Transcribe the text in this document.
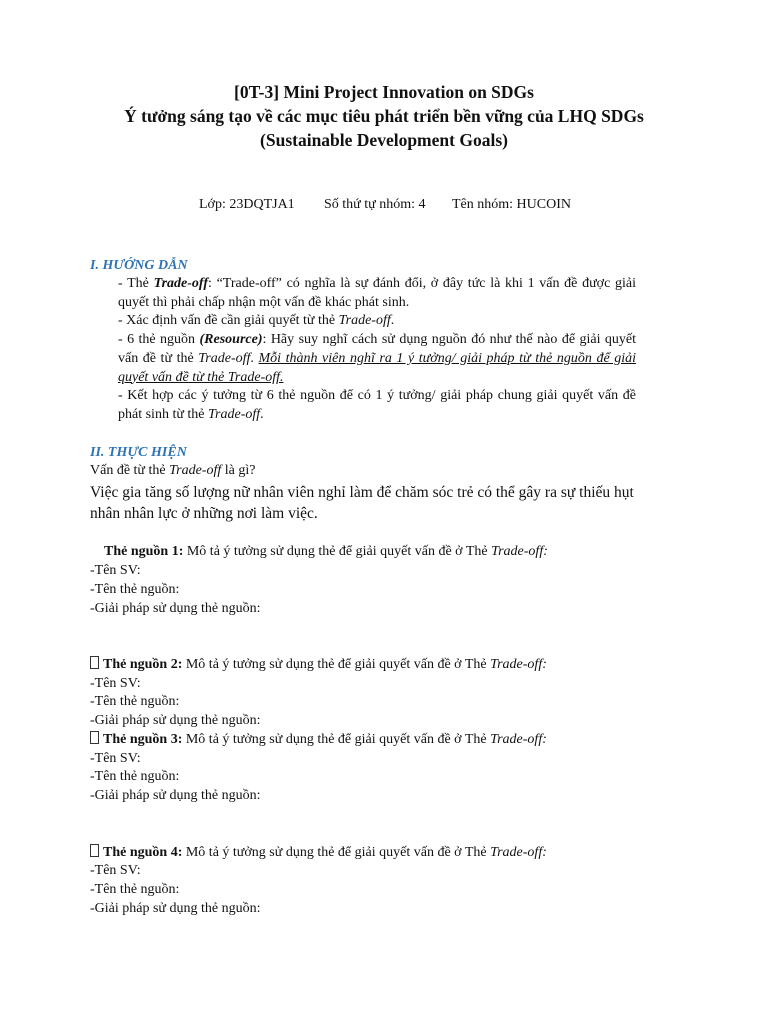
[0T-3] Mini Project Innovation on SDGs
Ý tưởng sáng tạo về các mục tiêu phát triển bền vững của LHQ SDGs
(Sustainable Development Goals)
Lớp: 23DQTJA1 Số thứ tự nhóm: 4 Tên nhóm: HUCOIN
I. HƯỚNG DẪN
- Thẻ Trade-off: “Trade-off” có nghĩa là sự đánh đổi, ở đây tức là khi 1 vấn đề được giải quyết thì phải chấp nhận một vấn đề khác phát sinh.
- Xác định vấn đề cần giải quyết từ thẻ Trade-off.
- 6 thẻ nguồn (Resource): Hãy suy nghĩ cách sử dụng nguồn đó như thế nào để giải quyết vấn đề từ thẻ Trade-off. Mỗi thành viên nghĩ ra 1 ý tưởng/ giải pháp từ thẻ nguồn để giải quyết vấn đề từ thẻ Trade-off.
- Kết hợp các ý tưởng từ 6 thẻ nguồn để có 1 ý tưởng/ giải pháp chung giải quyết vấn đề phát sinh từ thẻ Trade-off.
II. THỰC HIỆN
Vấn đề từ thẻ Trade-off là gì?
Việc gia tăng số lượng nữ nhân viên nghỉ làm để chăm sóc trẻ có thể gây ra sự thiếu hụt nhân nhân lực ở những nơi làm việc.
Thẻ nguồn 1: Mô tả ý tưởng sử dụng thẻ để giải quyết vấn đề ở Thẻ Trade-off:
-Tên SV:
-Tên thẻ nguồn:
-Giải pháp sử dụng thẻ nguồn:
Thẻ nguồn 2: Mô tả ý tưởng sử dụng thẻ để giải quyết vấn đề ở Thẻ Trade-off:
-Tên SV:
-Tên thẻ nguồn:
-Giải pháp sử dụng thẻ nguồn:
Thẻ nguồn 3: Mô tả ý tưởng sử dụng thẻ để giải quyết vấn đề ở Thẻ Trade-off:
-Tên SV:
-Tên thẻ nguồn:
-Giải pháp sử dụng thẻ nguồn:
Thẻ nguồn 4: Mô tả ý tưởng sử dụng thẻ để giải quyết vấn đề ở Thẻ Trade-off:
-Tên SV:
-Tên thẻ nguồn:
-Giải pháp sử dụng thẻ nguồn:
